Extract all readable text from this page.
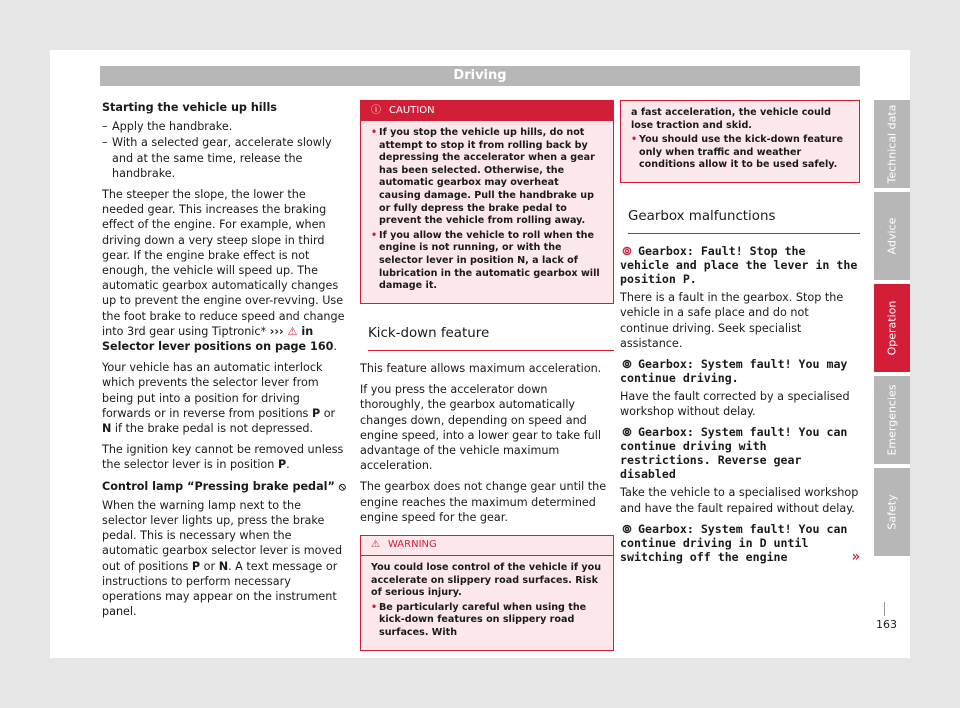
Driving

Starting the vehicle up hills

– Apply the handbrake.
– With a selected gear, accelerate slowly and at the same time, release the handbrake.

The steeper the slope, the lower the needed gear. This increases the braking effect of the engine. For example, when driving down a very steep slope in third gear. If the engine brake effect is not enough, the vehicle will speed up. The automatic gearbox automatically changes up to prevent the engine over-revving. Use the foot brake to reduce speed and change into 3rd gear using Tiptronic* ››› ⚠ in Selector lever positions on page 160.

Your vehicle has an automatic interlock which prevents the selector lever from being put into a position for driving forwards or in reverse from positions P or N if the brake pedal is not depressed.

The ignition key cannot be removed unless the selector lever is in position P.

Control lamp “Pressing brake pedal” ⦸

When the warning lamp next to the selector lever lights up, press the brake pedal. This is necessary when the automatic gearbox selector lever is moved out of positions P or N. A text message or instructions to perform necessary operations may appear on the instrument panel.

ⓘ CAUTION
• If you stop the vehicle up hills, do not attempt to stop it from rolling back by depressing the accelerator when a gear has been selected. Otherwise, the automatic gearbox may overheat causing damage. Pull the handbrake up or fully depress the brake pedal to prevent the vehicle from rolling away.
• If you allow the vehicle to roll when the engine is not running, or with the selector lever in position N, a lack of lubrication in the automatic gearbox will damage it.
Kick-down feature

This feature allows maximum acceleration.

If you press the accelerator down thoroughly, the gearbox automatically changes down, depending on speed and engine speed, into a lower gear to take full advantage of the vehicle maximum acceleration.

The gearbox does not change gear until the engine reaches the maximum determined engine speed for the gear.

⚠ WARNING

You could lose control of the vehicle if you accelerate on slippery road surfaces. Risk of serious injury.

• Be particularly careful when using the kick-down features on slippery road surfaces. With

a fast acceleration, the vehicle could lose traction and skid.

• You should use the kick-down feature only when traffic and weather conditions allow it to be used safely.
Gearbox malfunctions
⦾ Gearbox: Fault! Stop the vehicle and place the lever in the position P.

There is a fault in the gearbox. Stop the vehicle in a safe place and do not continue driving. Seek specialist assistance.

⦾ Gearbox: System fault! You may continue driving.

Have the fault corrected by a specialised workshop without delay.

⦾ Gearbox: System fault! You can continue driving with restrictions. Reverse gear disabled

Take the vehicle to a specialised workshop and have the fault repaired without delay.

⦾ Gearbox: System fault! You can continue driving in D until switching off the engine	»
Technical data
Advice
Operation
Emergencies
Safety
163
